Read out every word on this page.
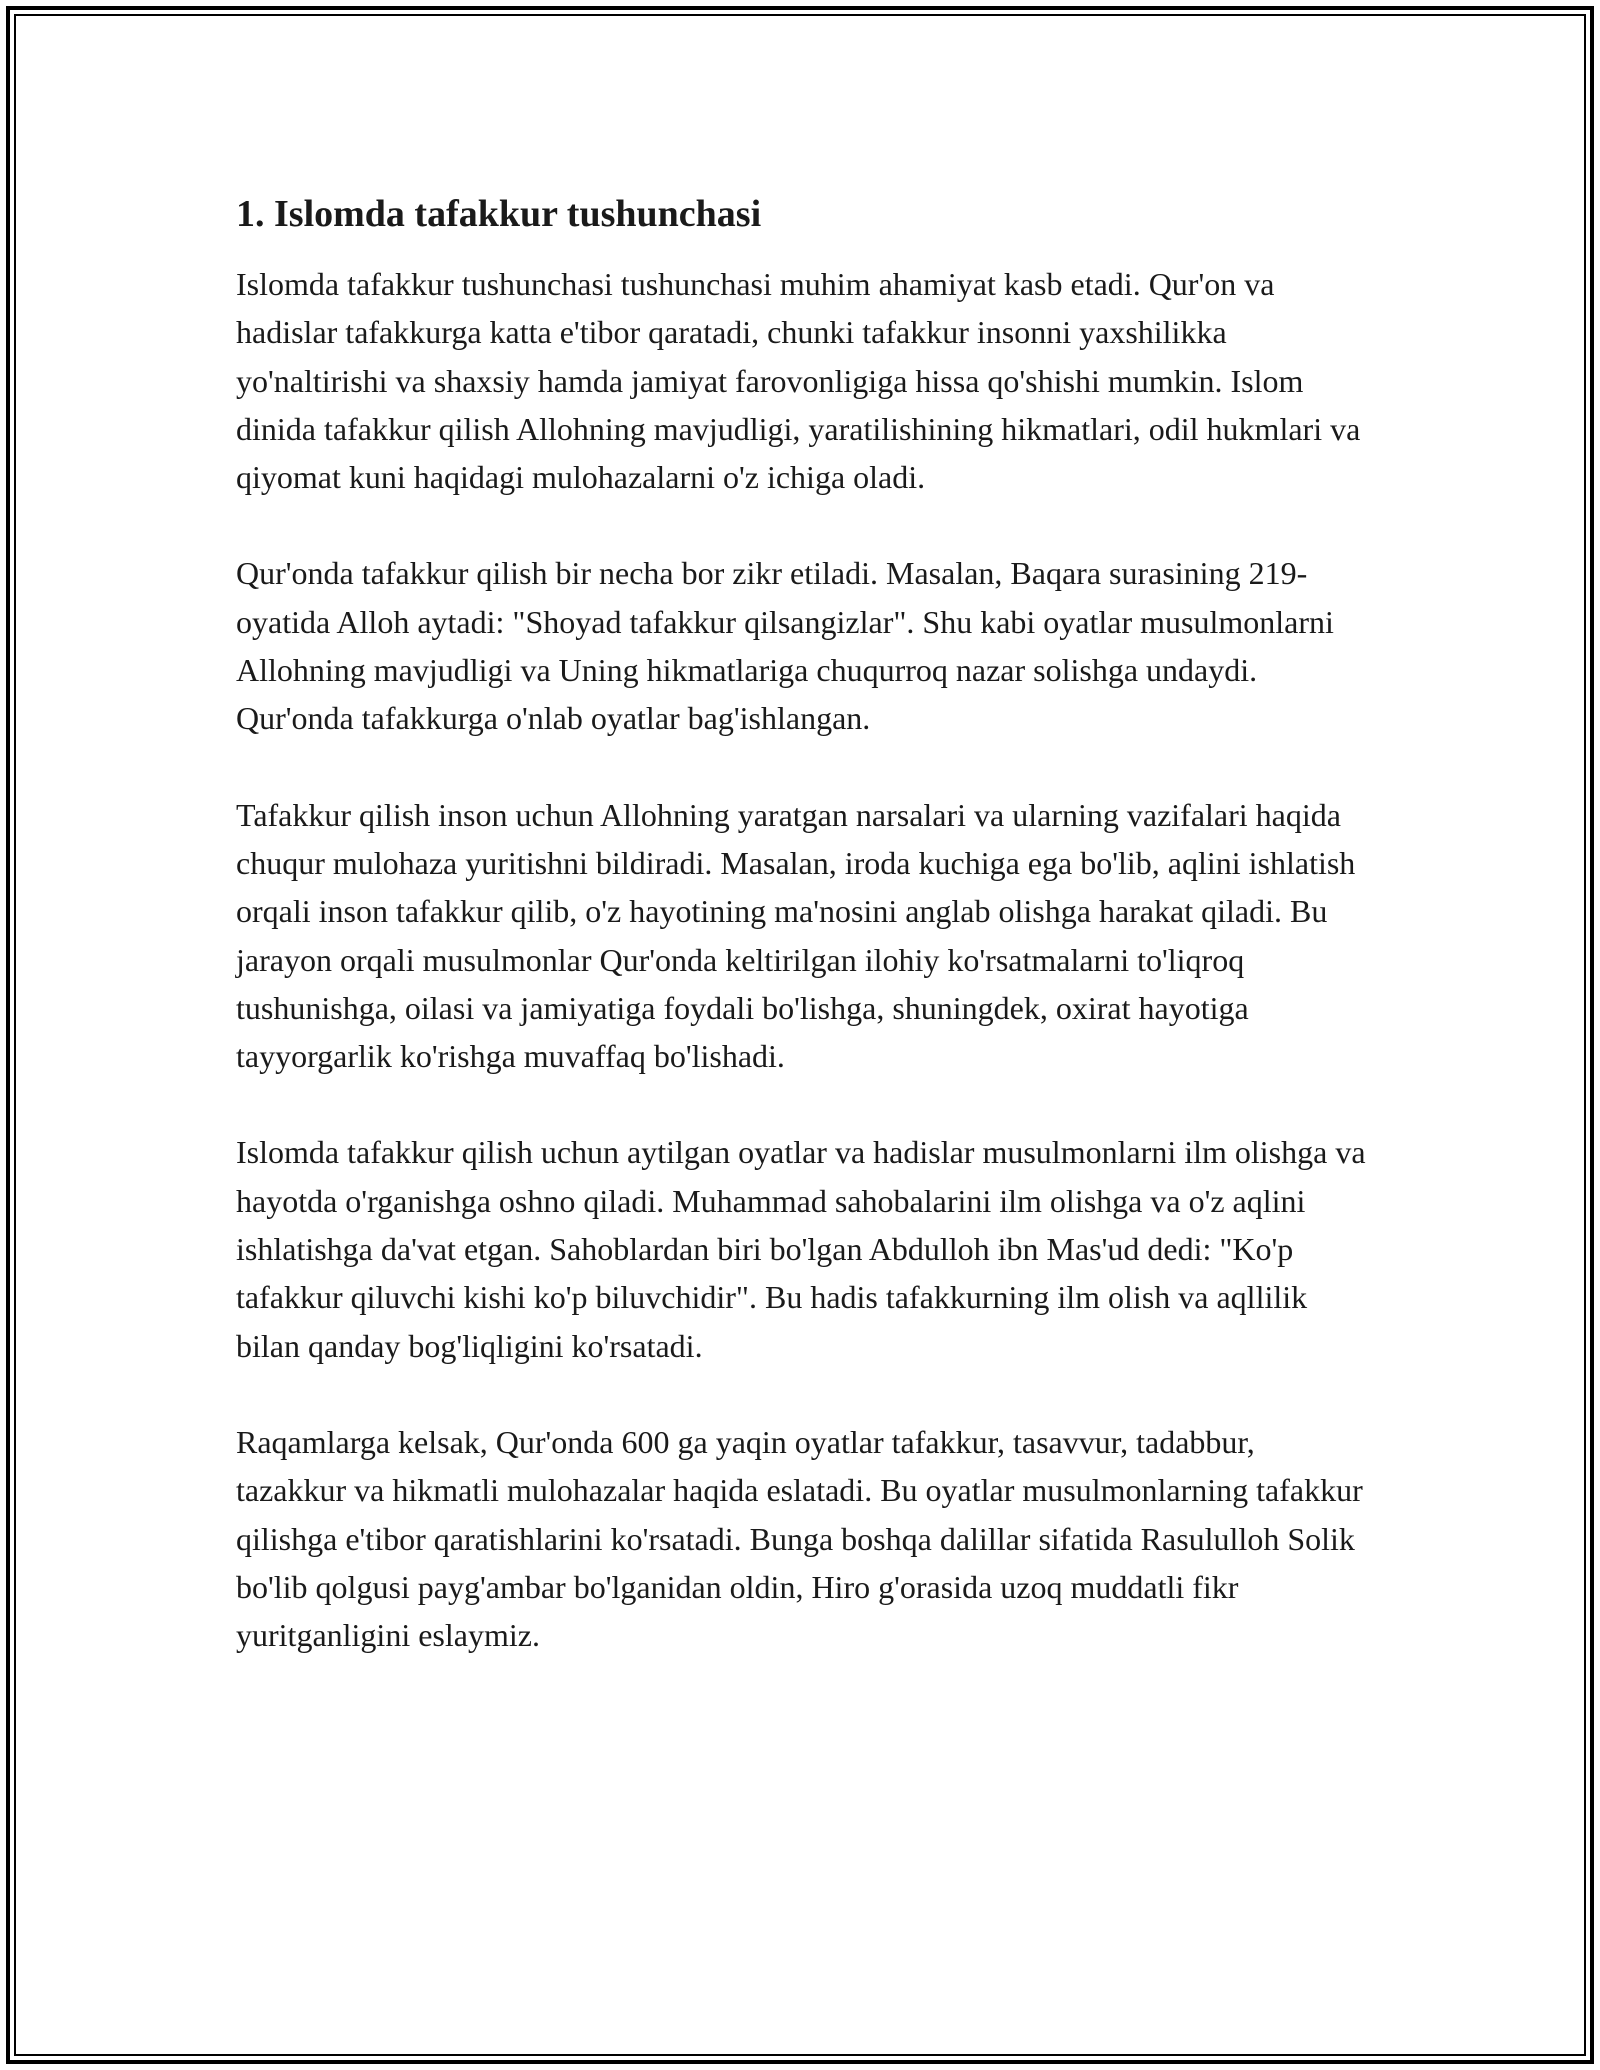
1. Islomda tafakkur tushunchasi

Islomda tafakkur tushunchasi tushunchasi muhim ahamiyat kasb etadi. Qur'on va hadislar tafakkurga katta e'tibor qaratadi, chunki tafakkur insonni yaxshilikka yo'naltirishi va shaxsiy hamda jamiyat farovonligiga hissa qo'shishi mumkin. Islom dinida tafakkur qilish Allohning mavjudligi, yaratilishining hikmatlari, odil hukmlari va qiyomat kuni haqidagi mulohazalarni o'z ichiga oladi.

Qur'onda tafakkur qilish bir necha bor zikr etiladi. Masalan, Baqara surasining 219-oyatida Alloh aytadi: "Shoyad tafakkur qilsangizlar". Shu kabi oyatlar musulmonlarni Allohning mavjudligi va Uning hikmatlariga chuqurroq nazar solishga undaydi. Qur'onda tafakkurga o'nlab oyatlar bag'ishlangan.

Tafakkur qilish inson uchun Allohning yaratgan narsalari va ularning vazifalari haqida chuqur mulohaza yuritishni bildiradi. Masalan, iroda kuchiga ega bo'lib, aqlini ishlatish orqali inson tafakkur qilib, o'z hayotining ma'nosini anglab olishga harakat qiladi. Bu jarayon orqali musulmonlar Qur'onda keltirilgan ilohiy ko'rsatmalarni to'liqroq tushunishga, oilasi va jamiyatiga foydali bo'lishga, shuningdek, oxirat hayotiga tayyorgarlik ko'rishga muvaffaq bo'lishadi.

Islomda tafakkur qilish uchun aytilgan oyatlar va hadislar musulmonlarni ilm olishga va hayotda o'rganishga oshno qiladi. Muhammad sahobalarini ilm olishga va o'z aqlini ishlatishga da'vat etgan. Sahoblardan biri bo'lgan Abdulloh ibn Mas'ud dedi: "Ko'p tafakkur qiluvchi kishi ko'p biluvchidir". Bu hadis tafakkurning ilm olish va aqllilik bilan qanday bog'liqligini ko'rsatadi.

Raqamlarga kelsak, Qur'onda 600 ga yaqin oyatlar tafakkur, tasavvur, tadabbur, tazakkur va hikmatli mulohazalar haqida eslatadi. Bu oyatlar musulmonlarning tafakkur qilishga e'tibor qaratishlarini ko'rsatadi. Bunga boshqa dalillar sifatida Rasululloh Solik bo'lib qolgusi payg'ambar bo'lganidan oldin, Hiro g'orasida uzoq muddatli fikr yuritganligini eslaymiz.
